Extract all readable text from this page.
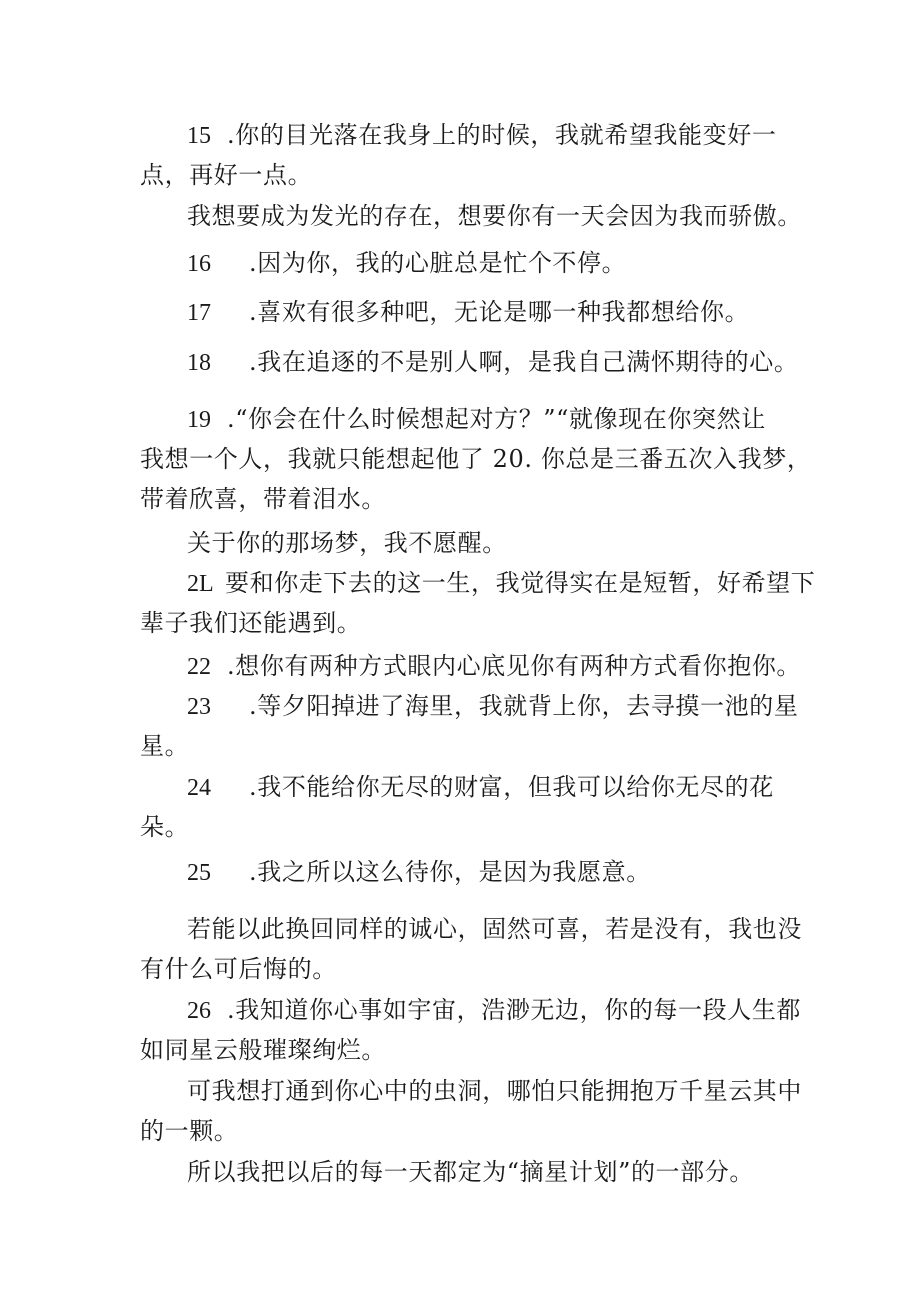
15 .你的目光落在我身上的时候，我就希望我能变好一
点，再好一点。
我想要成为发光的存在，想要你有一天会因为我而骄傲。
16 .因为你，我的心脏总是忙个不停。
17 .喜欢有很多种吧，无论是哪一种我都想给你。
18 .我在追逐的不是别人啊，是我自己满怀期待的心。
19 .“你会在什么时候想起对方？”“就像现在你突然让
我想一个人，我就只能想起他了 20. 你总是三番五次入我梦，
带着欣喜，带着泪水。
关于你的那场梦，我不愿醒。
2L 要和你走下去的这一生，我觉得实在是短暂，好希望下
辈子我们还能遇到。
22 .想你有两种方式眼内心底见你有两种方式看你抱你。
23 .等夕阳掉进了海里，我就背上你，去寻摸一池的星
星。
24 .我不能给你无尽的财富，但我可以给你无尽的花
朵。
25 .我之所以这么待你，是因为我愿意。
若能以此换回同样的诚心，固然可喜，若是没有，我也没
有什么可后悔的。
26 .我知道你心事如宇宙，浩渺无边，你的每一段人生都
如同星云般璀璨绚烂。
可我想打通到你心中的虫洞，哪怕只能拥抱万千星云其中
的一颗。
所以我把以后的每一天都定为“摘星计划”的一部分。
